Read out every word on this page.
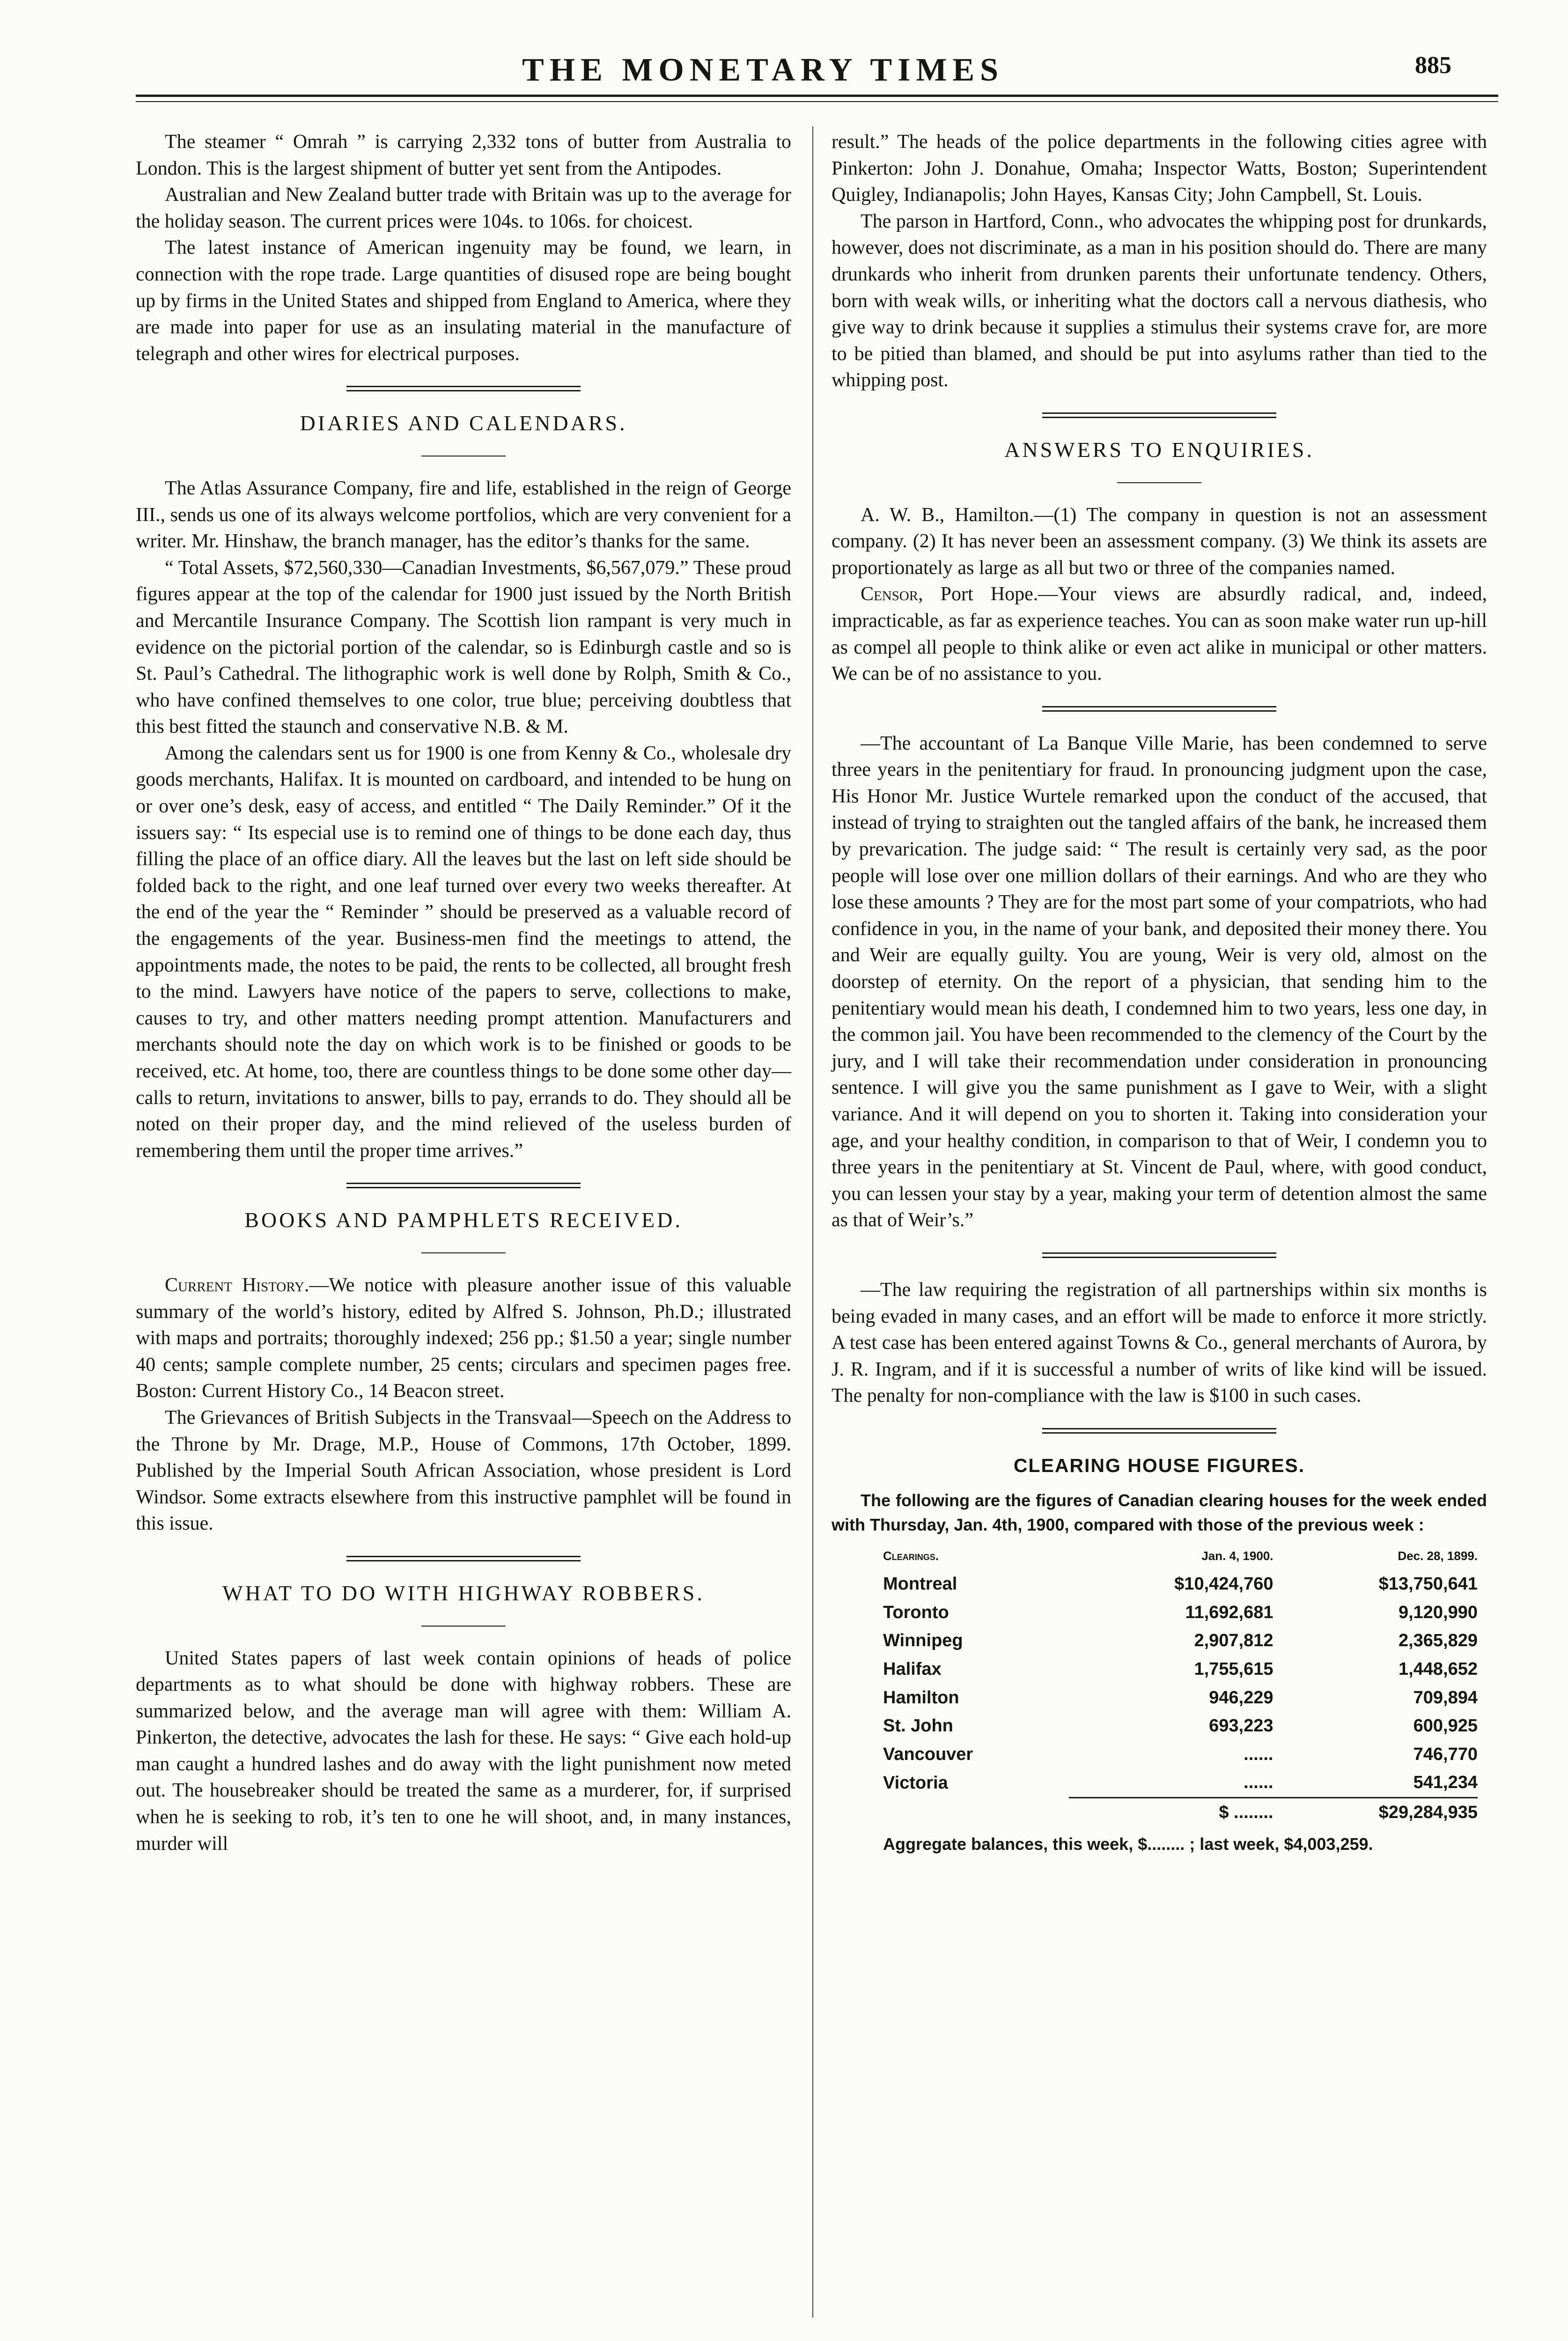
THE MONETARY TIMES	885

The steamer “ Omrah ” is carrying 2,332 tons of butter from Australia to London. This is the largest shipment of butter yet sent from the Antipodes.

Australian and New Zealand butter trade with Britain was up to the average for the holiday season. The current prices were 104s. to 106s. for choicest.

The latest instance of American ingenuity may be found, we learn, in connection with the rope trade. Large quantities of disused rope are being bought up by firms in the United States and shipped from England to America, where they are made into paper for use as an insulating material in the manufacture of telegraph and other wires for electrical purposes.

DIARIES AND CALENDARS.

The Atlas Assurance Company, fire and life, established in the reign of George III., sends us one of its always welcome portfolios, which are very convenient for a writer. Mr. Hinshaw, the branch manager, has the editor’s thanks for the same.

“ Total Assets, $72,560,330—Canadian Investments, $6,567,079.” These proud figures appear at the top of the calendar for 1900 just issued by the North British and Mercantile Insurance Company. The Scottish lion rampant is very much in evidence on the pictorial portion of the calendar, so is Edinburgh castle and so is St. Paul’s Cathedral. The lithographic work is well done by Rolph, Smith & Co., who have confined themselves to one color, true blue; perceiving doubtless that this best fitted the staunch and conservative N.B. & M.

Among the calendars sent us for 1900 is one from Kenny & Co., wholesale dry goods merchants, Halifax. It is mounted on cardboard, and intended to be hung on or over one’s desk, easy of access, and entitled “ The Daily Reminder.” Of it the issuers say: “ Its especial use is to remind one of things to be done each day, thus filling the place of an office diary. All the leaves but the last on left side should be folded back to the right, and one leaf turned over every two weeks thereafter. At the end of the year the “ Reminder ” should be preserved as a valuable record of the engagements of the year. Business-men find the meetings to attend, the appointments made, the notes to be paid, the rents to be collected, all brought fresh to the mind. Lawyers have notice of the papers to serve, collections to make, causes to try, and other matters needing prompt attention. Manufacturers and merchants should note the day on which work is to be finished or goods to be received, etc. At home, too, there are countless things to be done some other day—calls to return, invitations to answer, bills to pay, errands to do. They should all be noted on their proper day, and the mind relieved of the useless burden of remembering them until the proper time arrives.”

BOOKS AND PAMPHLETS RECEIVED.

Current History.—We notice with pleasure another issue of this valuable summary of the world’s history, edited by Alfred S. Johnson, Ph.D.; illustrated with maps and portraits; thoroughly indexed; 256 pp.; $1.50 a year; single number 40 cents; sample complete number, 25 cents; circulars and specimen pages free. Boston: Current History Co., 14 Beacon street.

The Grievances of British Subjects in the Transvaal—Speech on the Address to the Throne by Mr. Drage, M.P., House of Commons, 17th October, 1899. Published by the Imperial South African Association, whose president is Lord Windsor. Some extracts elsewhere from this instructive pamphlet will be found in this issue.

WHAT TO DO WITH HIGHWAY ROBBERS.

United States papers of last week contain opinions of heads of police departments as to what should be done with highway robbers. These are summarized below, and the average man will agree with them: William A. Pinkerton, the detective, advocates the lash for these. He says: “ Give each hold-up man caught a hundred lashes and do away with the light punishment now meted out. The housebreaker should be treated the same as a murderer, for, if surprised when he is seeking to rob, it’s ten to one he will shoot, and, in many instances, murder will

result.” The heads of the police departments in the following cities agree with Pinkerton: John J. Donahue, Omaha; Inspector Watts, Boston; Superintendent Quigley, Indianapolis; John Hayes, Kansas City; John Campbell, St. Louis.

The parson in Hartford, Conn., who advocates the whipping post for drunkards, however, does not discriminate, as a man in his position should do. There are many drunkards who inherit from drunken parents their unfortunate tendency. Others, born with weak wills, or inheriting what the doctors call a nervous diathesis, who give way to drink because it supplies a stimulus their systems crave for, are more to be pitied than blamed, and should be put into asylums rather than tied to the whipping post.

ANSWERS TO ENQUIRIES.

A. W. B., Hamilton.—(1) The company in question is not an assessment company. (2) It has never been an assessment company. (3) We think its assets are proportionately as large as all but two or three of the companies named.

Censor, Port Hope.—Your views are absurdly radical, and, indeed, impracticable, as far as experience teaches. You can as soon make water run up-hill as compel all people to think alike or even act alike in municipal or other matters. We can be of no assistance to you.

—The accountant of La Banque Ville Marie, has been condemned to serve three years in the penitentiary for fraud. In pronouncing judgment upon the case, His Honor Mr. Justice Wurtele remarked upon the conduct of the accused, that instead of trying to straighten out the tangled affairs of the bank, he increased them by prevarication. The judge said: “ The result is certainly very sad, as the poor people will lose over one million dollars of their earnings. And who are they who lose these amounts ? They are for the most part some of your compatriots, who had confidence in you, in the name of your bank, and deposited their money there. You and Weir are equally guilty. You are young, Weir is very old, almost on the doorstep of eternity. On the report of a physician, that sending him to the penitentiary would mean his death, I condemned him to two years, less one day, in the common jail. You have been recommended to the clemency of the Court by the jury, and I will take their recommendation under consideration in pronouncing sentence. I will give you the same punishment as I gave to Weir, with a slight variance. And it will depend on you to shorten it. Taking into consideration your age, and your healthy condition, in comparison to that of Weir, I condemn you to three years in the penitentiary at St. Vincent de Paul, where, with good conduct, you can lessen your stay by a year, making your term of detention almost the same as that of Weir’s.”

—The law requiring the registration of all partnerships within six months is being evaded in many cases, and an effort will be made to enforce it more strictly. A test case has been entered against Towns & Co., general merchants of Aurora, by J. R. Ingram, and if it is successful a number of writs of like kind will be issued. The penalty for non-compliance with the law is $100 in such cases.

CLEARING HOUSE FIGURES.
The following are the figures of Canadian clearing houses for the week ended with Thursday, Jan. 4th, 1900, compared with those of the previous week :
Clearings.	Jan. 4, 1900.	Dec. 28, 1899.
Montreal	$10,424,760	$13,750,641
Toronto	11,692,681	9,120,990
Winnipeg	2,907,812	2,365,829
Halifax	1,755,615	1,448,652
Hamilton	946,229	709,894
St. John	693,223	600,925
Vancouver	......	746,770
Victoria	......	541,234
	$ ........	$29,284,935
Aggregate balances, this week, $........ ; last week, $4,003,259.
